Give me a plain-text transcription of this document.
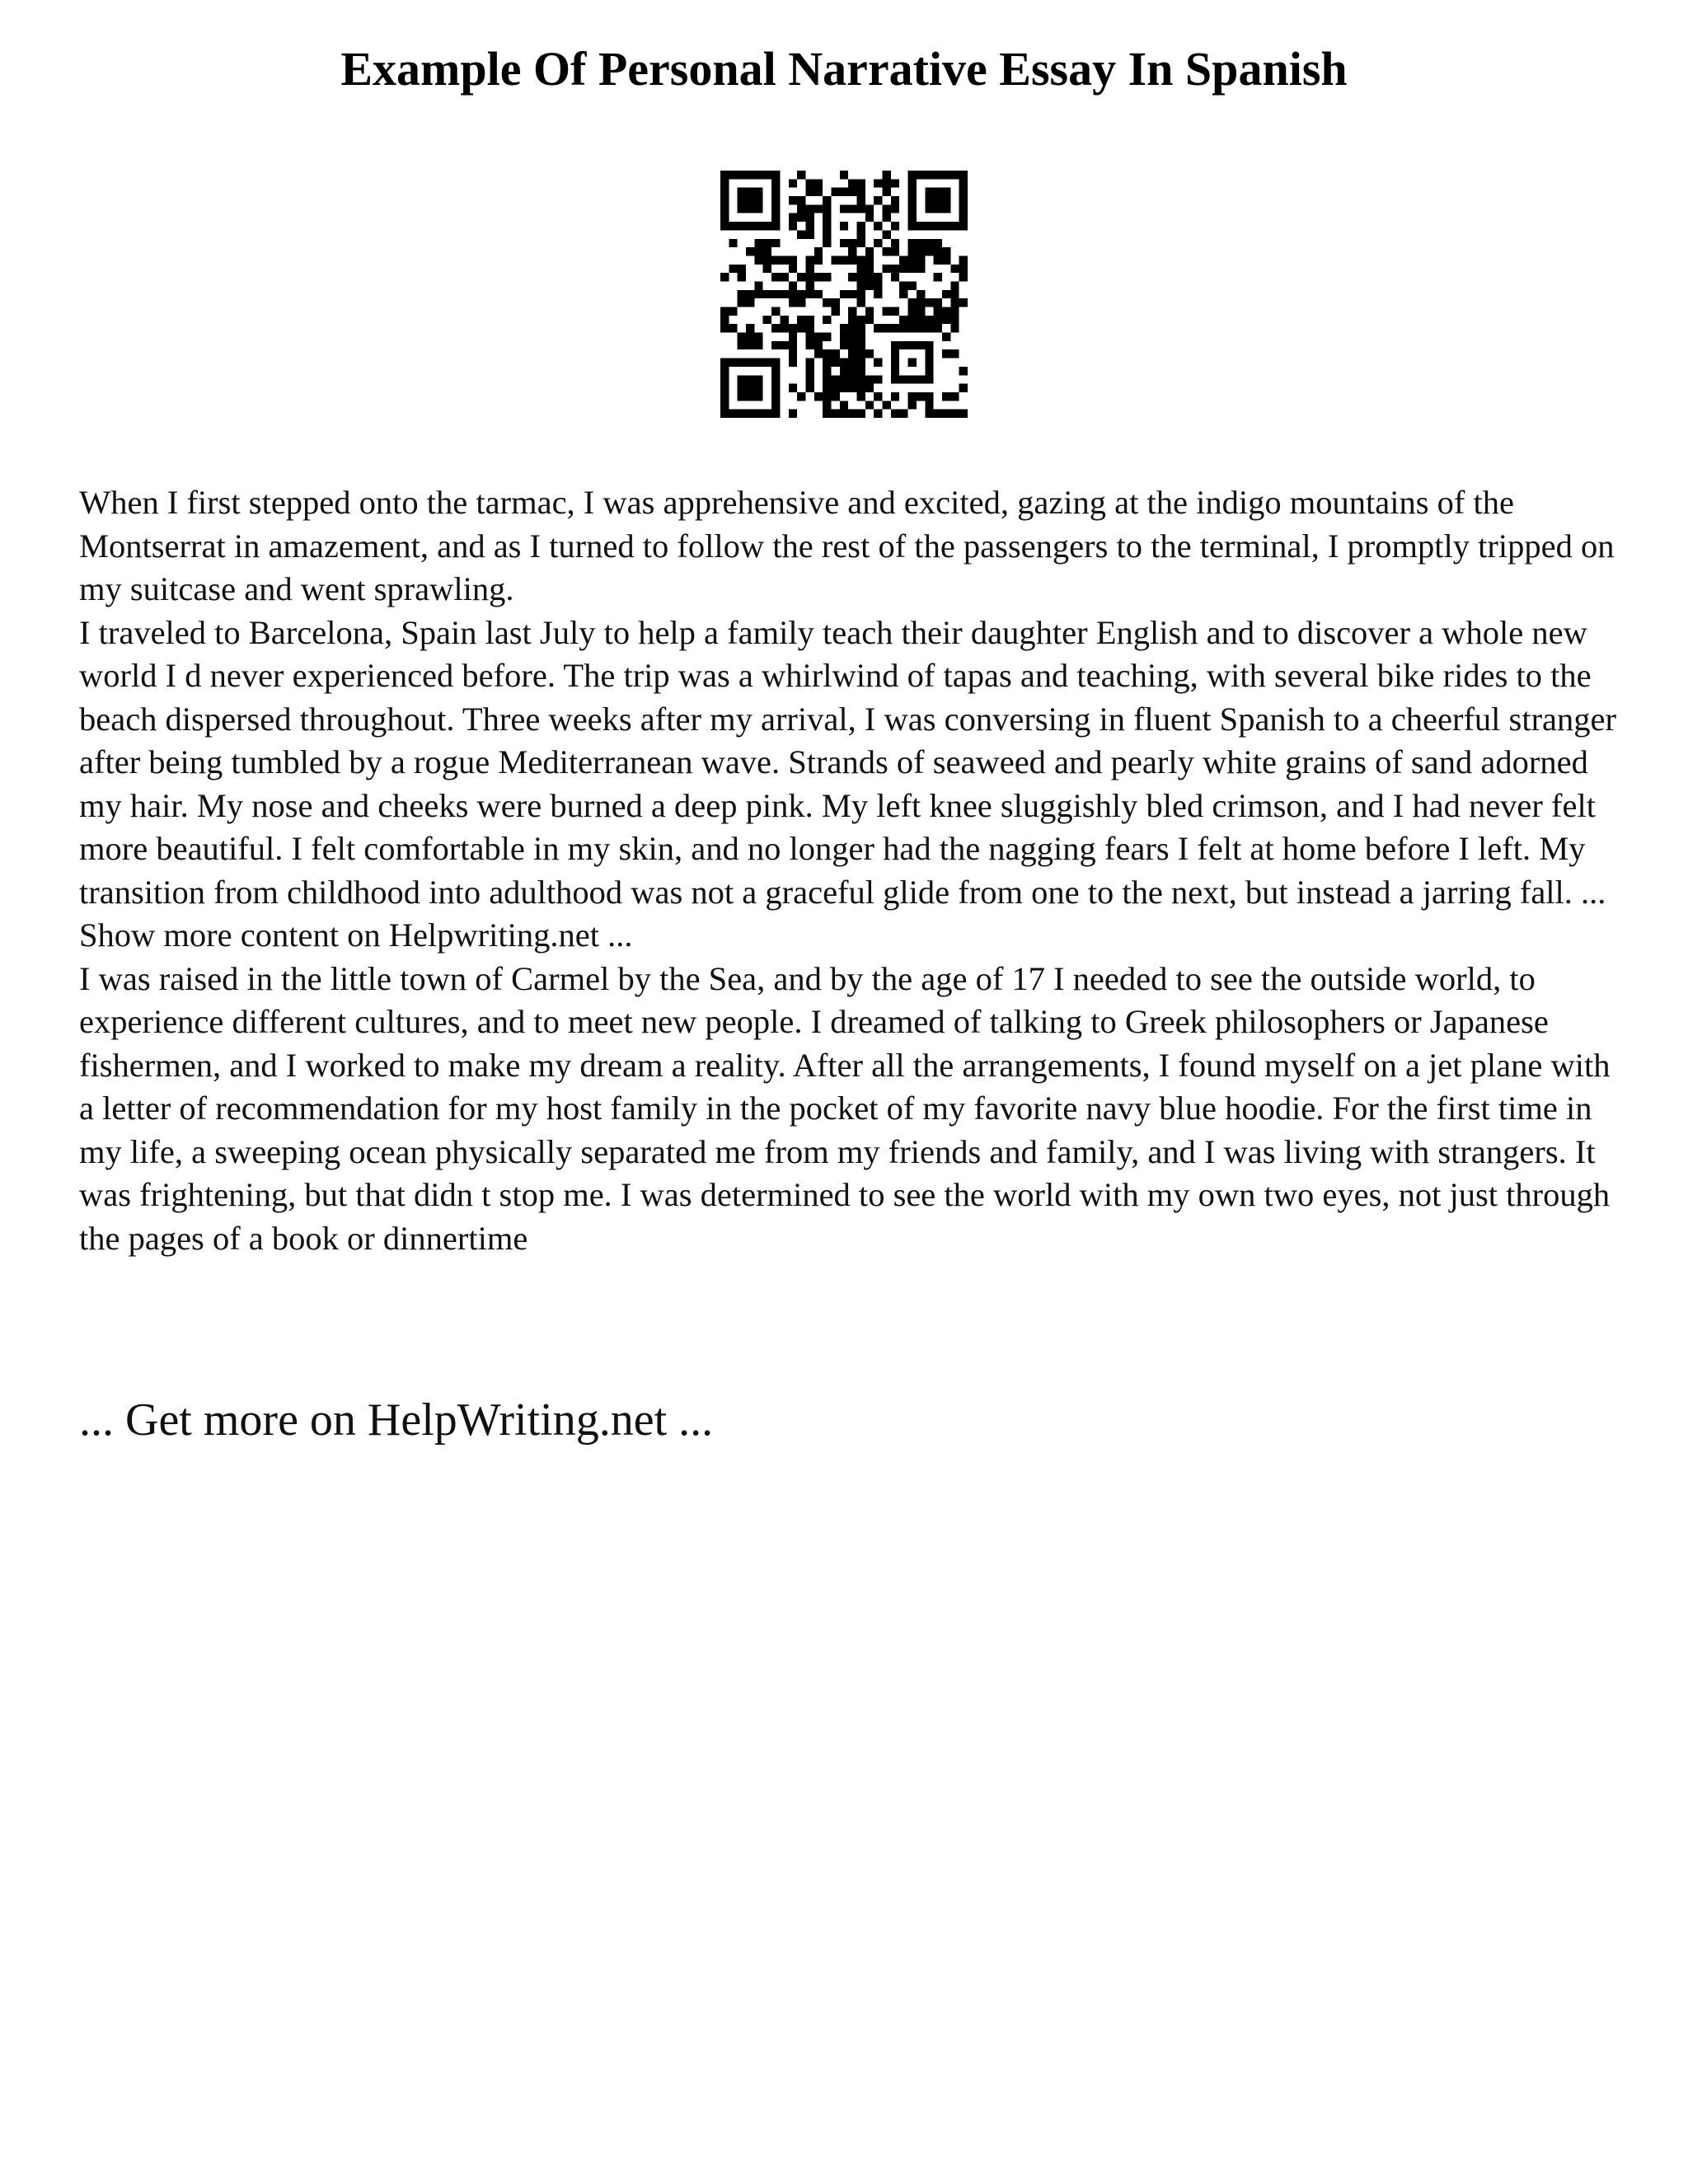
Example Of Personal Narrative Essay In Spanish

When I first stepped onto the tarmac, I was apprehensive and excited, gazing at the indigo mountains of the Montserrat in amazement, and as I turned to follow the rest of the passengers to the terminal, I promptly tripped on my suitcase and went sprawling.

I traveled to Barcelona, Spain last July to help a family teach their daughter English and to discover a whole new world I d never experienced before. The trip was a whirlwind of tapas and teaching, with several bike rides to the beach dispersed throughout. Three weeks after my arrival, I was conversing in fluent Spanish to a cheerful stranger after being tumbled by a rogue Mediterranean wave. Strands of seaweed and pearly white grains of sand adorned my hair. My nose and cheeks were burned a deep pink. My left knee sluggishly bled crimson, and I had never felt more beautiful. I felt comfortable in my skin, and no longer had the nagging fears I felt at home before I left. My transition from childhood into adulthood was not a graceful glide from one to the next, but instead a jarring fall. ... Show more content on Helpwriting.net ...

I was raised in the little town of Carmel by the Sea, and by the age of 17 I needed to see the outside world, to experience different cultures, and to meet new people. I dreamed of talking to Greek philosophers or Japanese fishermen, and I worked to make my dream a reality. After all the arrangements, I found myself on a jet plane with a letter of recommendation for my host family in the pocket of my favorite navy blue hoodie. For the first time in my life, a sweeping ocean physically separated me from my friends and family, and I was living with strangers. It was frightening, but that didn t stop me. I was determined to see the world with my own two eyes, not just through the pages of a book or dinnertime

... Get more on HelpWriting.net ...
